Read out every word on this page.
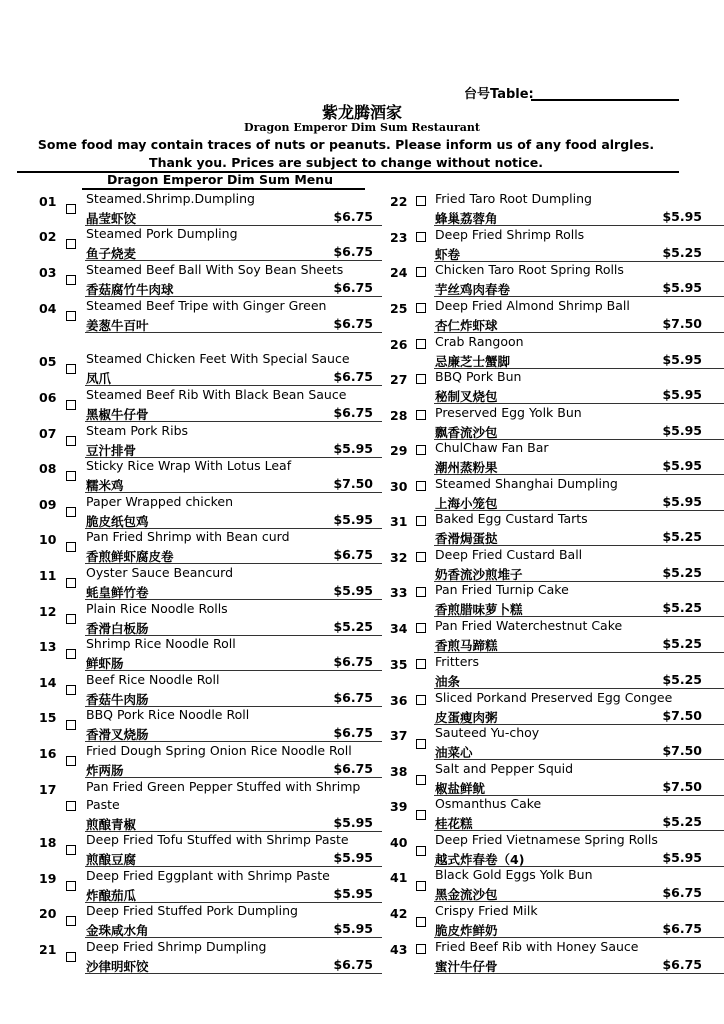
台号Table:
紫龙腾酒家
Dragon Emperor Dim Sum Restaurant
Some food may contain traces of nuts or peanuts. Please inform us of any food alrgles.
Thank you. Prices are subject to change without notice.
Dragon Emperor Dim Sum Menu
01 Steamed.Shrimp.Dumpling
晶莹虾饺	$6.75
02 Steamed Pork Dumpling
鱼子烧麦	$6.75
03 Steamed Beef Ball With Soy Bean Sheets
香菇腐竹牛肉球	$6.75
04 Steamed Beef Tripe with Ginger Green
姜葱牛百叶	$6.75
05 Steamed Chicken Feet With Special Sauce
凤爪	$6.75
06 Steamed Beef Rib With Black Bean Sauce
黑椒牛仔骨	$6.75
07 Steam Pork Ribs
豆汁排骨	$5.95
08 Sticky Rice Wrap With Lotus Leaf
糯米鸡	$7.50
09 Paper Wrapped chicken
脆皮纸包鸡	$5.95
10 Pan Fried Shrimp with Bean curd
香煎鲜虾腐皮卷	$6.75
11 Oyster Sauce Beancurd
蚝皇鲜竹卷	$5.95
12 Plain Rice Noodle Rolls
香滑白板肠	$5.25
13 Shrimp Rice Noodle Roll
鲜虾肠	$6.75
14 Beef Rice Noodle Roll
香菇牛肉肠	$6.75
15 BBQ Pork Rice Noodle Roll
香滑叉烧肠	$6.75
16 Fried Dough Spring Onion Rice Noodle Roll
炸两肠	$6.75
17 Pan Fried Green Pepper Stuffed with Shrimp
Paste
煎酿青椒	$5.95
18 Deep Fried Tofu Stuffed with Shrimp Paste
煎酿豆腐	$5.95
19 Deep Fried Eggplant with Shrimp Paste
炸酿茄瓜	$5.95
20 Deep Fried Stuffed Pork Dumpling
金珠咸水角	$5.95
21 Deep Fried Shrimp Dumpling
沙律明虾饺	$6.75
22 Fried Taro Root Dumpling
蜂巢荔蓉角	$5.95
23 Deep Fried Shrimp Rolls
虾卷	$5.25
24 Chicken Taro Root Spring Rolls
芋丝鸡肉春卷	$5.95
25 Deep Fried Almond Shrimp Ball
杏仁炸虾球	$7.50
26 Crab Rangoon
忌廉芝士蟹脚	$5.95
27 BBQ Pork Bun
秘制叉烧包	$5.95
28 Preserved Egg Yolk Bun
飘香流沙包	$5.95
29 ChulChaw Fan Bar
潮州蒸粉果	$5.95
30 Steamed Shanghai Dumpling
上海小笼包	$5.95
31 Baked Egg Custard Tarts
香滑焗蛋挞	$5.25
32 Deep Fried Custard Ball
奶香流沙煎堆子	$5.25
33 Pan Fried Turnip Cake
香煎腊味萝卜糕	$5.25
34 Pan Fried Waterchestnut Cake
香煎马蹄糕	$5.25
35 Fritters
油条	$5.25
36 Sliced Porkand Preserved Egg Congee
皮蛋瘦肉粥	$7.50
37 Sauteed Yu-choy
油菜心	$7.50
38 Salt and Pepper Squid
椒盐鲜鱿	$7.50
39 Osmanthus Cake
桂花糕	$5.25
40 Deep Fried Vietnamese Spring Rolls
越式炸春卷（4)	$5.95
41 Black Gold Eggs Yolk Bun
黑金流沙包	$6.75
42 Crispy Fried Milk
脆皮炸鲜奶	$6.75
43 Fried Beef Rib with Honey Sauce
蜜汁牛仔骨	$6.75
